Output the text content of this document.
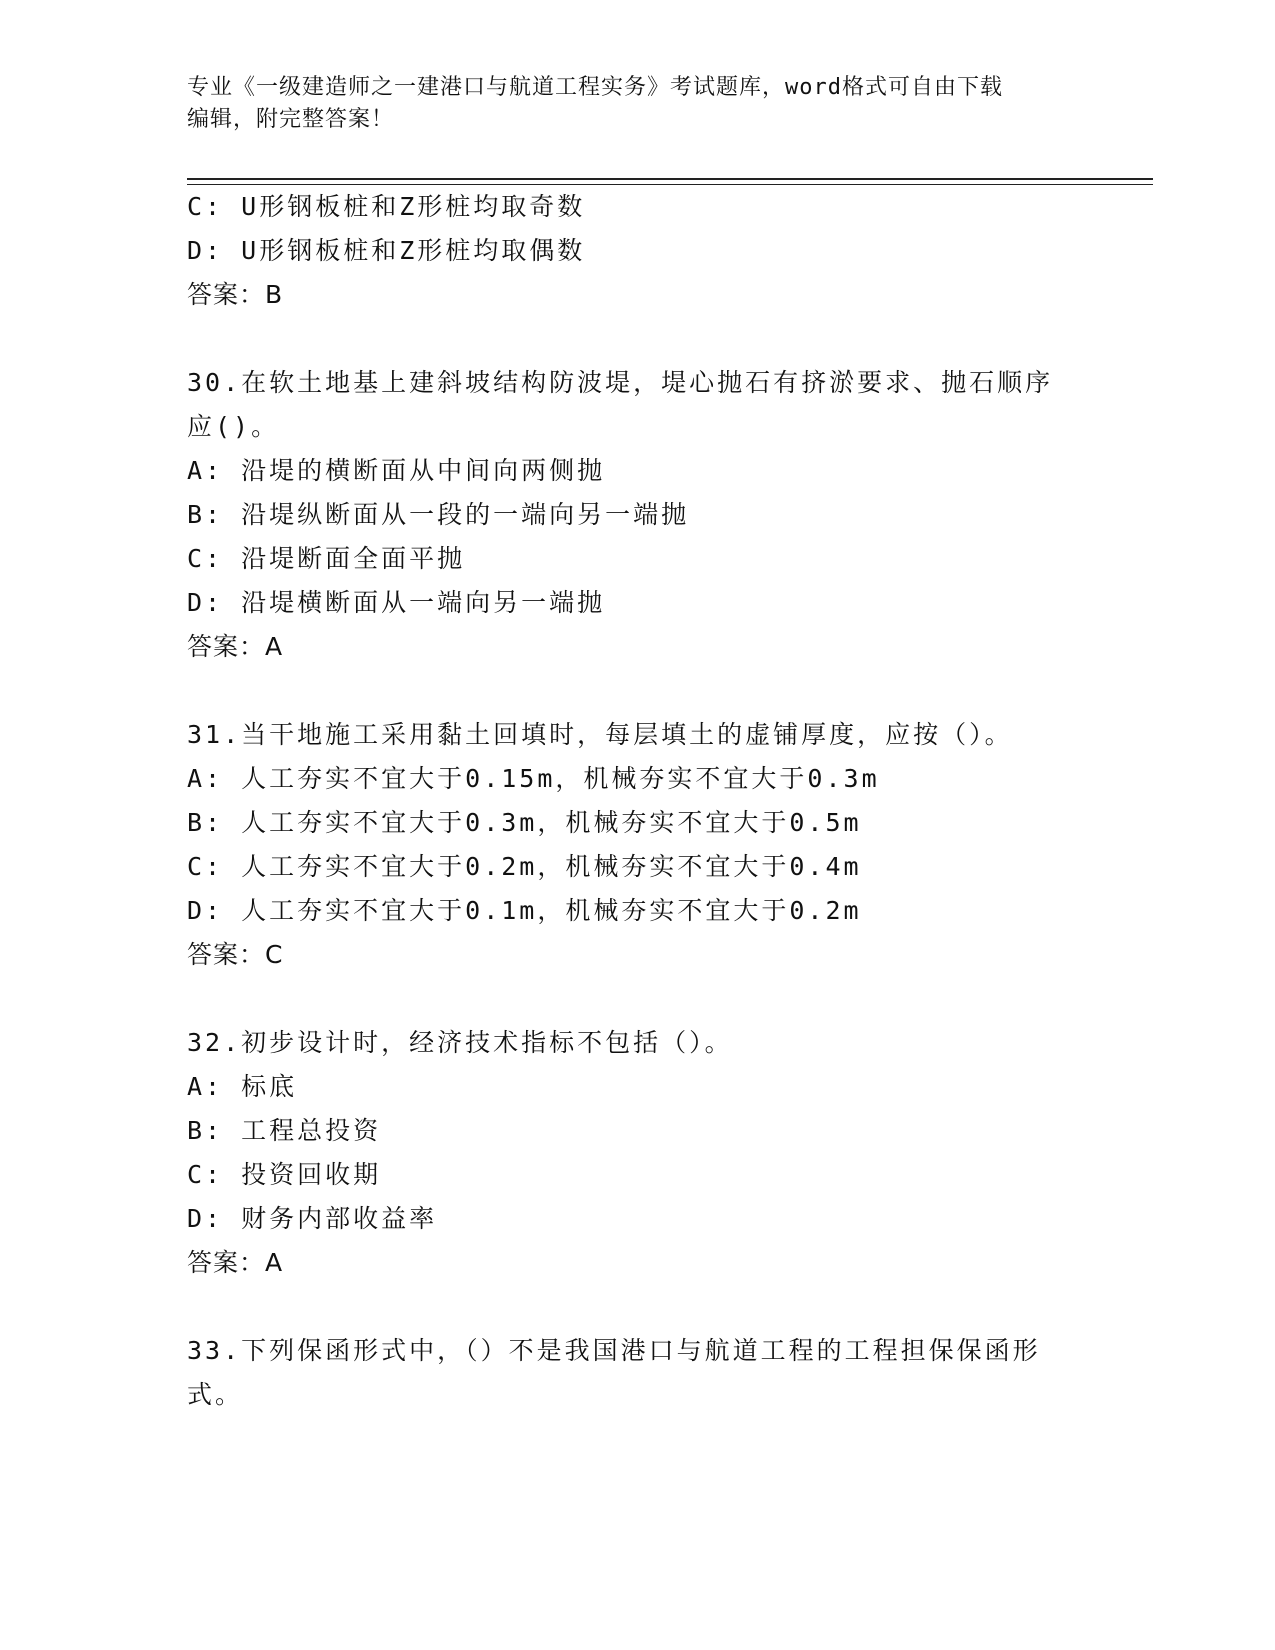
专业《一级建造师之一建港口与航道工程实务》考试题库，word格式可自由下载
编辑，附完整答案！
C: U形钢板桩和Z形桩均取奇数
D: U形钢板桩和Z形桩均取偶数
答案：B
30.在软土地基上建斜坡结构防波堤，堤心抛石有挤淤要求、抛石顺序
应()。
A: 沿堤的横断面从中间向两侧抛
B: 沿堤纵断面从一段的一端向另一端抛
C: 沿堤断面全面平抛
D: 沿堤横断面从一端向另一端抛
答案：A
31.当干地施工采用黏土回填时，每层填土的虚铺厚度，应按（）。
A: 人工夯实不宜大于0.15m，机械夯实不宜大于0.3m
B: 人工夯实不宜大于0.3m，机械夯实不宜大于0.5m
C: 人工夯实不宜大于0.2m，机械夯实不宜大于0.4m
D: 人工夯实不宜大于0.1m，机械夯实不宜大于0.2m
答案：C
32.初步设计时，经济技术指标不包括（）。
A: 标底
B: 工程总投资
C: 投资回收期
D: 财务内部收益率
答案：A
33.下列保函形式中，（）不是我国港口与航道工程的工程担保保函形
式。
